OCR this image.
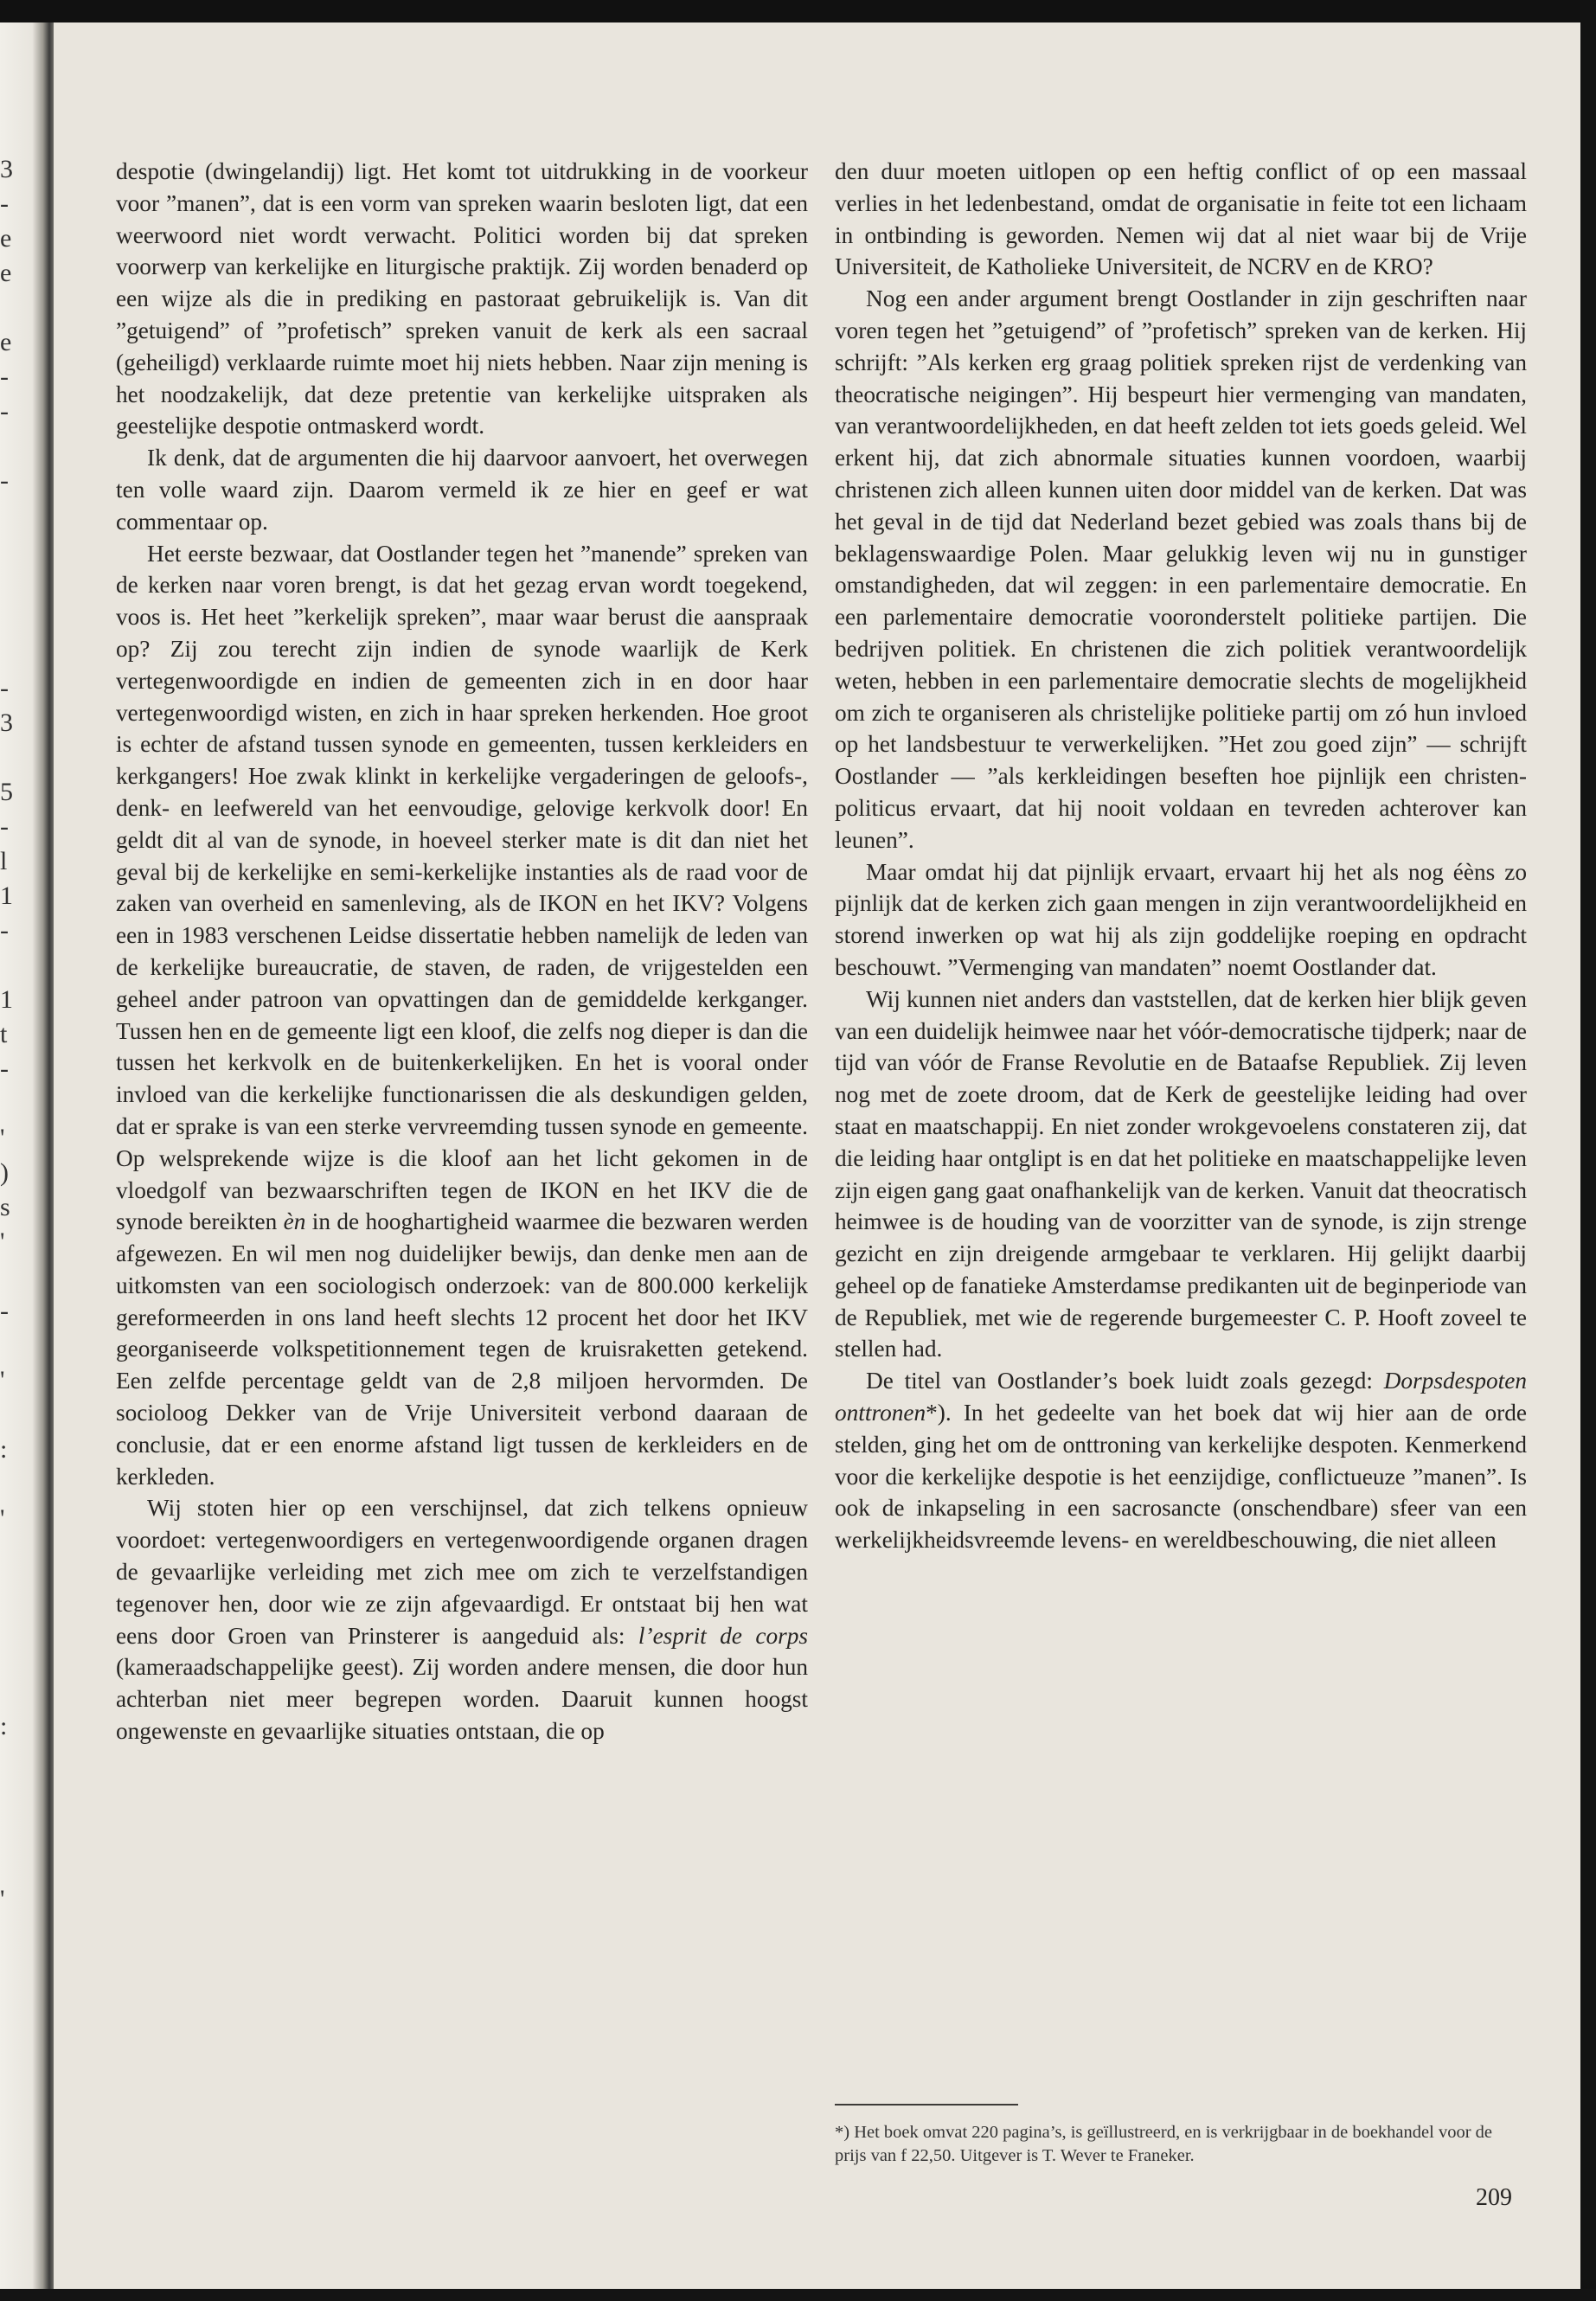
3
-
e
e
e
-
-
-
-
3
5
-
l
1
-
1
t
-
'
)
s
'
-
'
:
'
:
'

despotie (dwingelandij) ligt. Het komt tot uitdrukking in de voorkeur voor ”manen”, dat is een vorm van spreken waarin besloten ligt, dat een weerwoord niet wordt verwacht. Politici worden bij dat spreken voorwerp van kerkelijke en liturgische praktijk. Zij worden benaderd op een wijze als die in prediking en pastoraat gebruikelijk is. Van dit ”getuigend” of ”profetisch” spreken vanuit de kerk als een sacraal (geheiligd) verklaarde ruimte moet hij niets hebben. Naar zijn mening is het noodzakelijk, dat deze pretentie van kerkelijke uitspraken als geestelijke despotie ontmaskerd wordt.

Ik denk, dat de argumenten die hij daarvoor aanvoert, het overwegen ten volle waard zijn. Daarom vermeld ik ze hier en geef er wat commentaar op.

Het eerste bezwaar, dat Oostlander tegen het ”manende” spreken van de kerken naar voren brengt, is dat het gezag ervan wordt toegekend, voos is. Het heet ”kerkelijk spreken”, maar waar berust die aanspraak op? Zij zou terecht zijn indien de synode waarlijk de Kerk vertegenwoordigde en indien de gemeenten zich in en door haar vertegenwoordigd wisten, en zich in haar spreken herkenden. Hoe groot is echter de afstand tussen synode en gemeenten, tussen kerkleiders en kerkgangers! Hoe zwak klinkt in kerkelijke vergaderingen de geloofs-, denk- en leefwereld van het eenvoudige, gelovige kerkvolk door! En geldt dit al van de synode, in hoeveel sterker mate is dit dan niet het geval bij de kerkelijke en semi-kerkelijke instanties als de raad voor de zaken van overheid en samenleving, als de IKON en het IKV? Volgens een in 1983 verschenen Leidse dissertatie hebben namelijk de leden van de kerkelijke bureaucratie, de staven, de raden, de vrijgestelden een geheel ander patroon van opvattingen dan de gemiddelde kerkganger. Tussen hen en de gemeente ligt een kloof, die zelfs nog dieper is dan die tussen het kerkvolk en de buitenkerkelijken. En het is vooral onder invloed van die kerkelijke functionarissen die als deskundigen gelden, dat er sprake is van een sterke vervreemding tussen synode en gemeente. Op welsprekende wijze is die kloof aan het licht gekomen in de vloedgolf van bezwaarschriften tegen de IKON en het IKV die de synode bereikten èn in de hooghartigheid waarmee die bezwaren werden afgewezen. En wil men nog duidelijker bewijs, dan denke men aan de uitkomsten van een sociologisch onderzoek: van de 800.000 kerkelijk gereformeerden in ons land heeft slechts 12 procent het door het IKV georganiseerde volkspetitionnement tegen de kruisraketten getekend. Een zelfde percentage geldt van de 2,8 miljoen hervormden. De socioloog Dekker van de Vrije Universiteit verbond daaraan de conclusie, dat er een enorme afstand ligt tussen de kerkleiders en de kerkleden.

Wij stoten hier op een verschijnsel, dat zich telkens opnieuw voordoet: vertegenwoordigers en vertegenwoordigende organen dragen de gevaarlijke verleiding met zich mee om zich te verzelfstandigen tegenover hen, door wie ze zijn afgevaardigd. Er ontstaat bij hen wat eens door Groen van Prinsterer is aangeduid als: l’esprit de corps (kameraadschappelijke geest). Zij worden andere mensen, die door hun achterban niet meer begrepen worden. Daaruit kunnen hoogst ongewenste en gevaarlijke situaties ontstaan, die op

den duur moeten uitlopen op een heftig conflict of op een massaal verlies in het ledenbestand, omdat de organisatie in feite tot een lichaam in ontbinding is geworden. Nemen wij dat al niet waar bij de Vrije Universiteit, de Katholieke Universiteit, de NCRV en de KRO?

Nog een ander argument brengt Oostlander in zijn geschriften naar voren tegen het ”getuigend” of ”profetisch” spreken van de kerken. Hij schrijft: ”Als kerken erg graag politiek spreken rijst de verdenking van theocratische neigingen”. Hij bespeurt hier vermenging van mandaten, van verantwoordelijkheden, en dat heeft zelden tot iets goeds geleid. Wel erkent hij, dat zich abnormale situaties kunnen voordoen, waarbij christenen zich alleen kunnen uiten door middel van de kerken. Dat was het geval in de tijd dat Nederland bezet gebied was zoals thans bij de beklagenswaardige Polen. Maar gelukkig leven wij nu in gunstiger omstandigheden, dat wil zeggen: in een parlementaire democratie. En een parlementaire democratie vooronderstelt politieke partijen. Die bedrijven politiek. En christenen die zich politiek verantwoordelijk weten, hebben in een parlementaire democratie slechts de mogelijkheid om zich te organiseren als christelijke politieke partij om zó hun invloed op het landsbestuur te verwerkelijken. ”Het zou goed zijn” — schrijft Oostlander — ”als kerkleidingen beseften hoe pijnlijk een christen-politicus ervaart, dat hij nooit voldaan en tevreden achterover kan leunen”.

Maar omdat hij dat pijnlijk ervaart, ervaart hij het als nog éèns zo pijnlijk dat de kerken zich gaan mengen in zijn verantwoordelijkheid en storend inwerken op wat hij als zijn goddelijke roeping en opdracht beschouwt. ”Vermenging van mandaten” noemt Oostlander dat.

Wij kunnen niet anders dan vaststellen, dat de kerken hier blijk geven van een duidelijk heimwee naar het vóór-democratische tijdperk; naar de tijd van vóór de Franse Revolutie en de Bataafse Republiek. Zij leven nog met de zoete droom, dat de Kerk de geestelijke leiding had over staat en maatschappij. En niet zonder wrokgevoelens constateren zij, dat die leiding haar ontglipt is en dat het politieke en maatschappelijke leven zijn eigen gang gaat onafhankelijk van de kerken. Vanuit dat theocratisch heimwee is de houding van de voorzitter van de synode, is zijn strenge gezicht en zijn dreigende armgebaar te verklaren. Hij gelijkt daarbij geheel op de fanatieke Amsterdamse predikanten uit de beginperiode van de Republiek, met wie de regerende burgemeester C. P. Hooft zoveel te stellen had.

De titel van Oostlander’s boek luidt zoals gezegd: Dorpsdespoten onttronen*). In het gedeelte van het boek dat wij hier aan de orde stelden, ging het om de onttroning van kerkelijke despoten. Kenmerkend voor die kerkelijke despotie is het eenzijdige, conflictueuze ”manen”. Is ook de inkapseling in een sacrosancte (onschendbare) sfeer van een werkelijkheidsvreemde levens- en wereldbeschouwing, die niet alleen

*) Het boek omvat 220 pagina’s, is geïllustreerd, en is verkrijgbaar in de boekhandel voor de prijs van f 22,50. Uitgever is T. Wever te Franeker.
209
